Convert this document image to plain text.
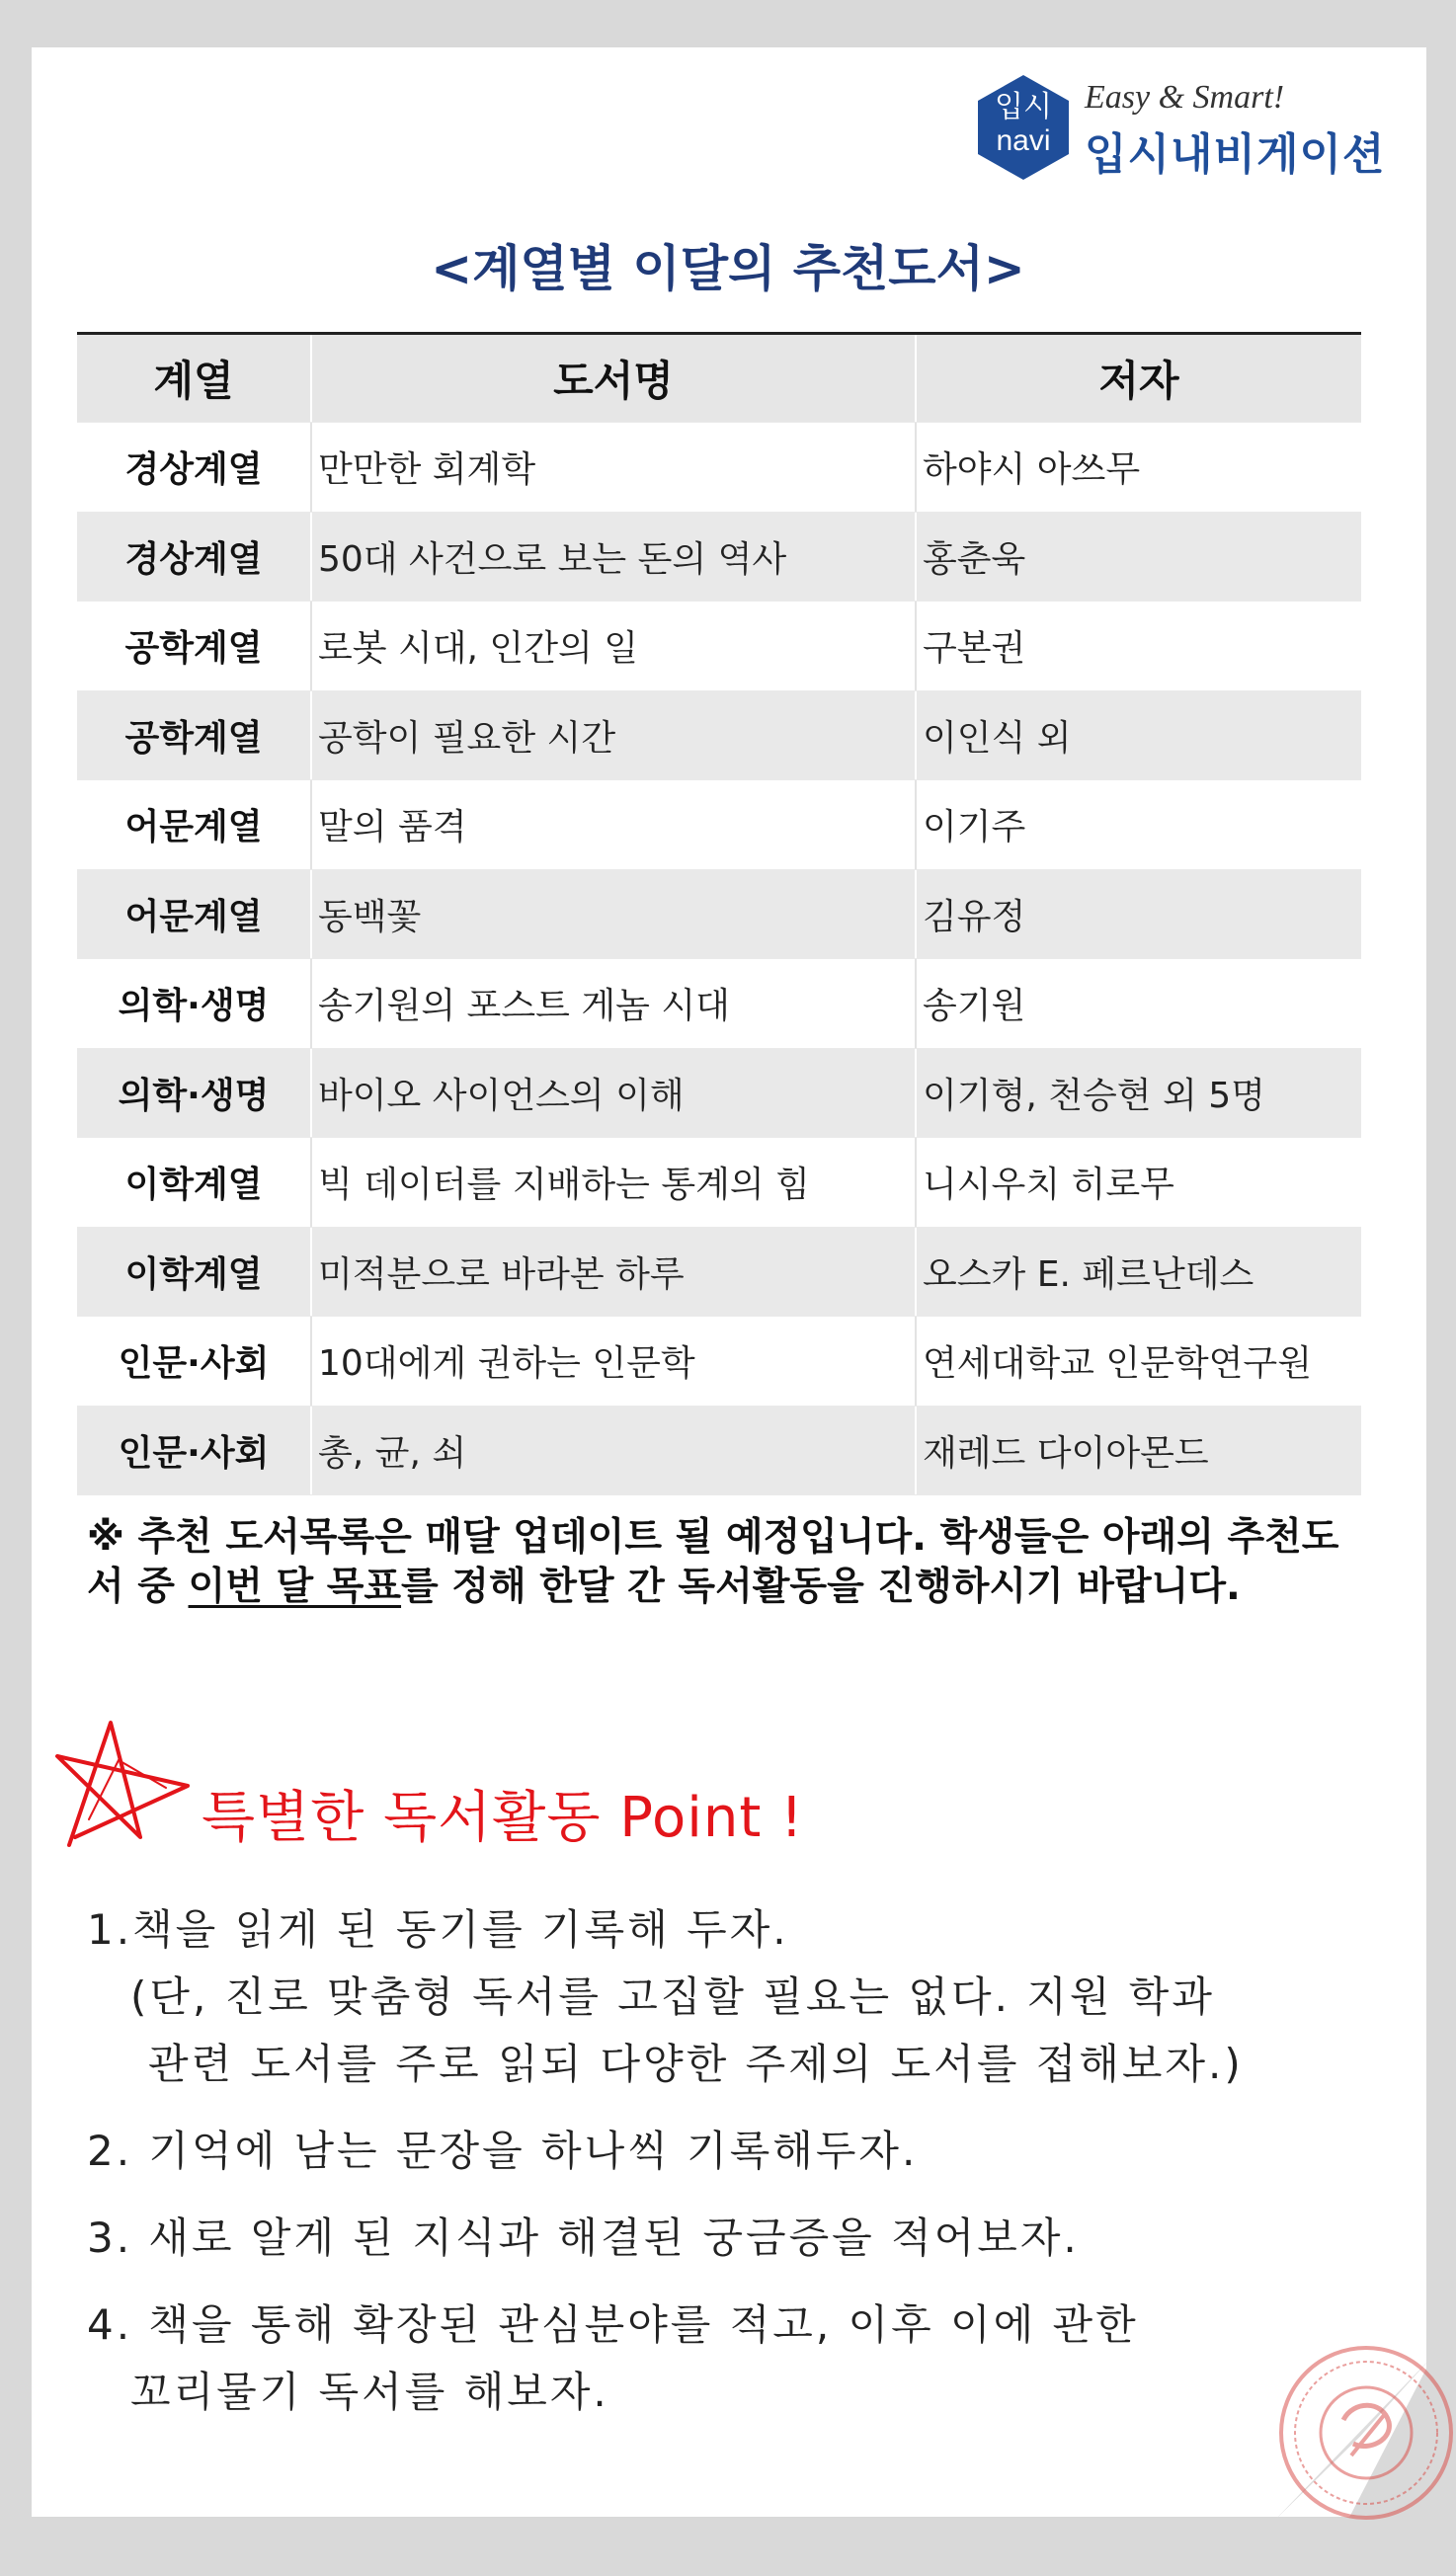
입시
navi
Easy & Smart!
입시내비게이션
<계열별 이달의 추천도서>
계열	도서명	저자
경상계열	만만한 회계학	하야시 아쓰무
경상계열	50대 사건으로 보는 돈의 역사	홍춘욱
공학계열	로봇 시대, 인간의 일	구본권
공학계열	공학이 필요한 시간	이인식 외
어문계열	말의 품격	이기주
어문계열	동백꽃	김유정
의학·생명	송기원의 포스트 게놈 시대	송기원
의학·생명	바이오 사이언스의 이해	이기형, 천승현 외 5명
이학계열	빅 데이터를 지배하는 통계의 힘	니시우치 히로무
이학계열	미적분으로 바라본 하루	오스카 E. 페르난데스
인문·사회	10대에게 권하는 인문학	연세대학교 인문학연구원
인문·사회	총, 균, 쇠	재레드 다이아몬드
※ 추천 도서목록은 매달 업데이트 될 예정입니다. 학생들은 아래의 추천도서 중 이번 달 목표를 정해 한달 간 독서활동을 진행하시기 바랍니다.
특별한 독서활동 Point !
1.책을 읽게 된 동기를 기록해 두자.
(단, 진로 맞춤형 독서를 고집할 필요는 없다. 지원 학과
관련 도서를 주로 읽되 다양한 주제의 도서를 접해보자.)
2. 기억에 남는 문장을 하나씩 기록해두자.
3. 새로 알게 된 지식과 해결된 궁금증을 적어보자.
4. 책을 통해 확장된 관심분야를 적고, 이후 이에 관한
꼬리물기 독서를 해보자.
